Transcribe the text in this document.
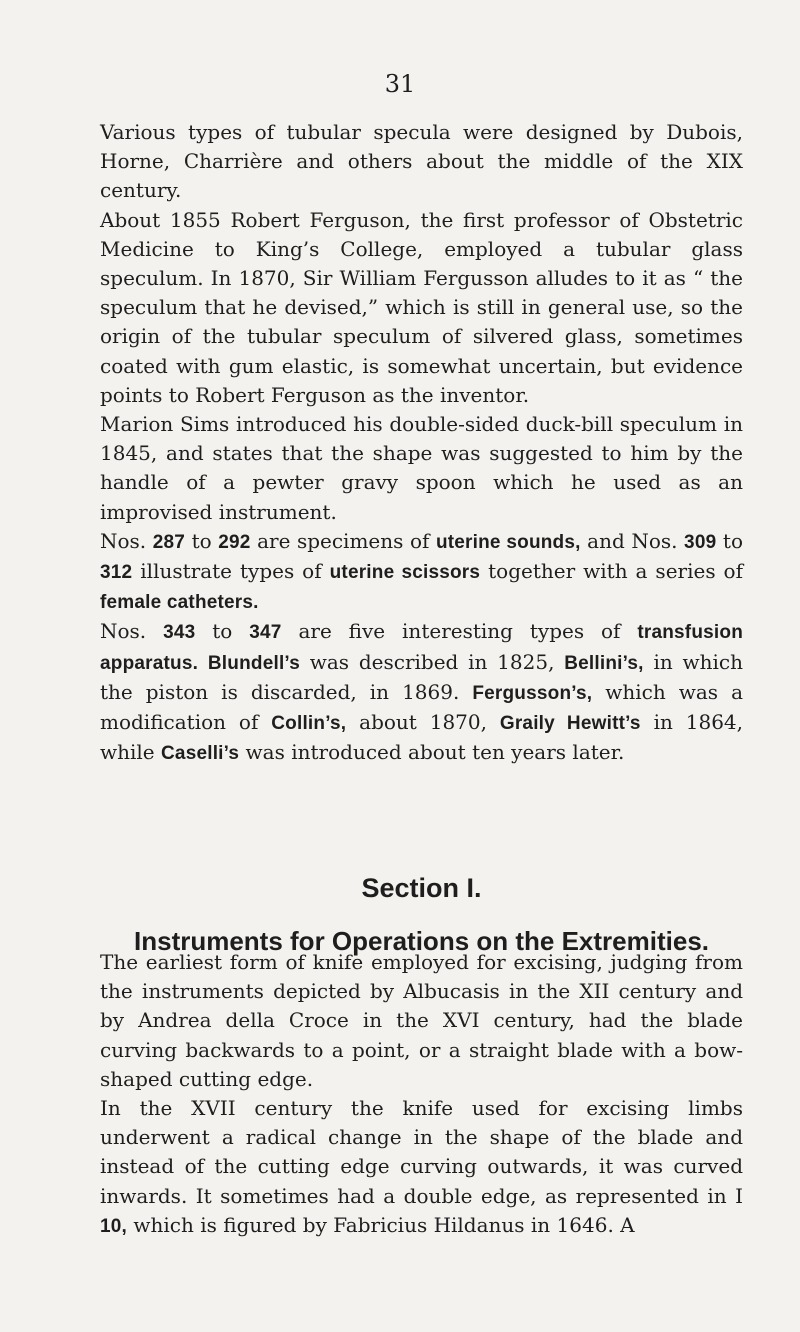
31

Various types of tubular specula were designed by Dubois, Horne, Charrière and others about the middle of the XIX century.

About 1855 Robert Ferguson, the first professor of Obstetric Medicine to King’s College, employed a tubular glass speculum. In 1870, Sir William Fergusson alludes to it as “ the speculum that he devised,” which is still in general use, so the origin of the tubular speculum of silvered glass, sometimes coated with gum elastic, is somewhat uncertain, but evidence points to Robert Ferguson as the inventor.

Marion Sims introduced his double-sided duck-bill speculum in 1845, and states that the shape was suggested to him by the handle of a pewter gravy spoon which he used as an improvised instrument.

Nos. 287 to 292 are specimens of uterine sounds, and Nos. 309 to 312 illustrate types of uterine scissors together with a series of female catheters.

Nos. 343 to 347 are five interesting types of transfusion apparatus. Blundell’s was described in 1825, Bellini’s, in which the piston is discarded, in 1869. Fergusson’s, which was a modification of Collin’s, about 1870, Graily Hewitt’s in 1864, while Caselli’s was introduced about ten years later.

Section I.
Instruments for Operations on the Extremities.

The earliest form of knife employed for excising, judging from the instruments depicted by Albucasis in the XII century and by Andrea della Croce in the XVI century, had the blade curving backwards to a point, or a straight blade with a bow-shaped cutting edge.

In the XVII century the knife used for excising limbs underwent a radical change in the shape of the blade and instead of the cutting edge curving outwards, it was curved inwards. It sometimes had a double edge, as represented in I 10, which is figured by Fabricius Hildanus in 1646. A
